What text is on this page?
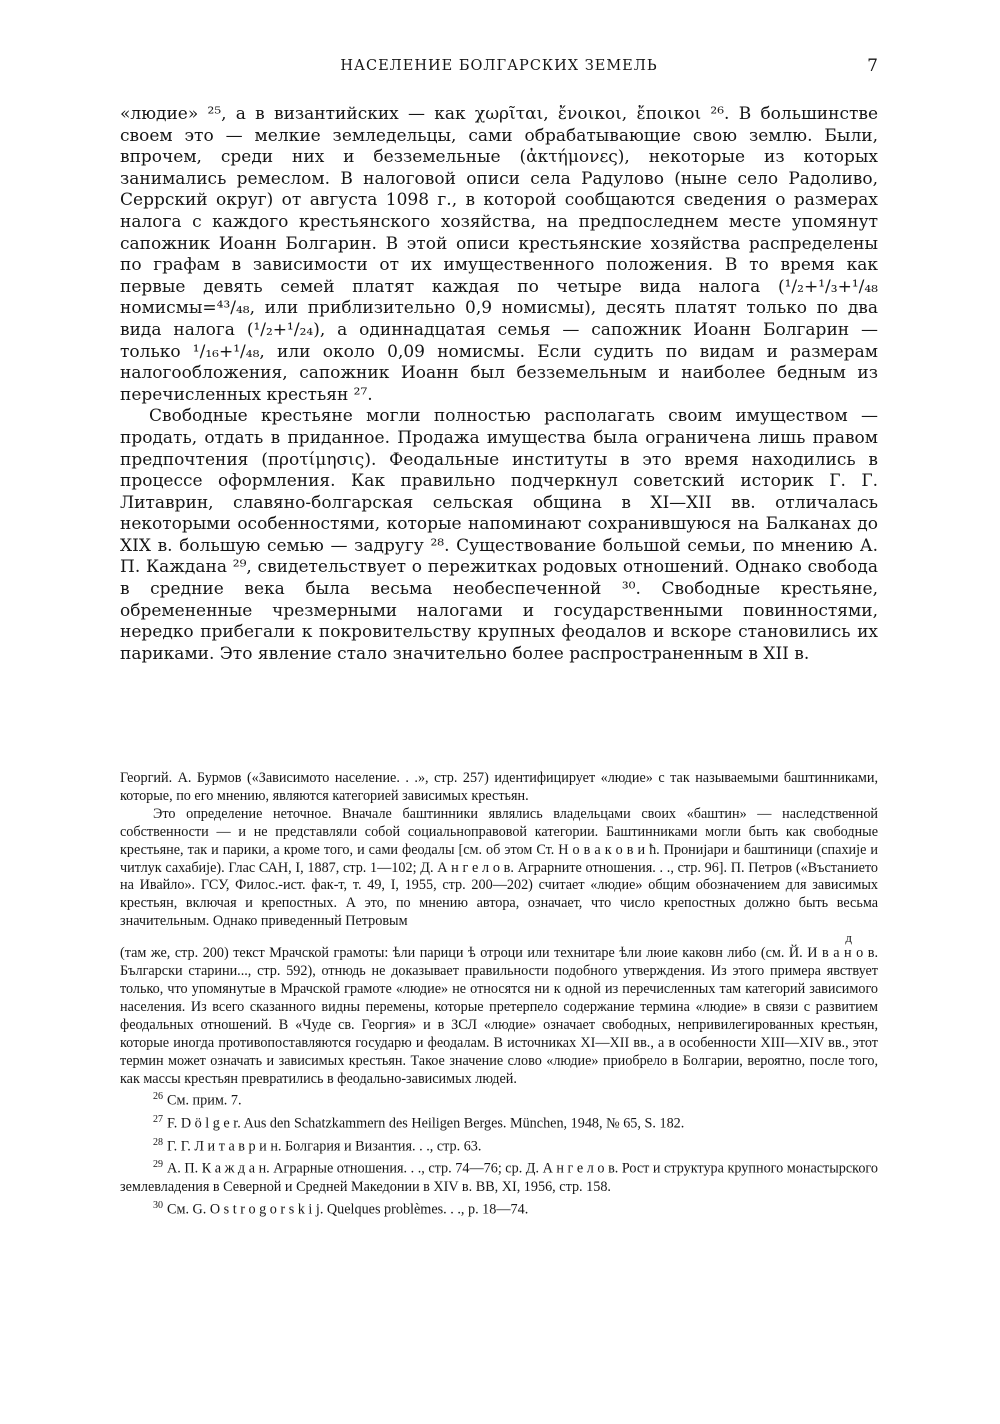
НАСЕЛЕНИЕ БОЛГАРСКИХ ЗЕМЕЛЬ	7

«людие» ²⁵, а в византийских — как χωρῖται, ἔνοικοι, ἔποικοι ²⁶. В большинстве своем это — мелкие земледельцы, сами обрабатывающие свою землю. Были, впрочем, среди них и безземельные (ἀκτήμονες), некоторые из которых занимались ремеслом. В налоговой описи села Радулово (ныне село Радоливо, Серрский округ) от августа 1098 г., в которой сообщаются сведения о размерах налога с каждого крестьянского хозяйства, на предпоследнем месте упомянут сапожник Иоанн Болгарин. В этой описи крестьянские хозяйства распределены по графам в зависимости от их имущественного положения. В то время как первые девять семей платят каждая по четыре вида налога (¹/₂+¹/₃+¹/₄₈ номисмы=⁴³/₄₈, или приблизительно 0,9 номисмы), десять платят только по два вида налога (¹/₂+¹/₂₄), а одиннадцатая семья — сапожник Иоанн Болгарин — только ¹/₁₆+¹/₄₈, или около 0,09 номисмы. Если судить по видам и размерам налогообложения, сапожник Иоанн был безземельным и наиболее бедным из перечисленных крестьян ²⁷.

Свободные крестьяне могли полностью располагать своим имуществом — продать, отдать в приданное. Продажа имущества была ограничена лишь правом предпочтения (προτίμησις). Феодальные институты в это время находились в процессе оформления. Как правильно подчеркнул советский историк Г. Г. Литаврин, славяно-болгарская сельская община в XI—XII вв. отличалась некоторыми особенностями, которые напоминают сохранившуюся на Балканах до XIX в. большую семью — задругу ²⁸. Существование большой семьи, по мнению А. П. Каждана ²⁹, свидетельствует о пережитках родовых отношений. Однако свобода в средние века была весьма необеспеченной ³⁰. Свободные крестьяне, обремененные чрезмерными налогами и государственными повинностями, нередко прибегали к покровительству крупных феодалов и вскоре становились их париками. Это явление стало значительно более распространенным в XII в.

Георгий. А. Бурмов («Зависимото население. . .», стр. 257) идентифицирует «людие» с так называемыми баштинниками, которые, по его мнению, являются категорией зависимых крестьян.

Это определение неточное. Вначале баштинники являлись владельцами своих «баштин» — наследственной собственности — и не представляли собой социальноправовой категории. Баштинниками могли быть как свободные крестьяне, так и парики, а кроме того, и сами феодалы [см. об этом Ст. Н о в а к о в и ћ. Пронијари и баштиници (спахије и читлук сахабије). Глас САН, I, 1887, стр. 1—102; Д. А н г е л о в. Аграрните отношения. . ., стр. 96]. П. Петров («Въстанието на Ивайло». ГСУ, Филос.-ист. фак-т, т. 49, I, 1955, стр. 200—202) считает «людие» общим обозначением для зависимых крестьян, включая и крепостных. А это, по мнению автора, означает, что число крепостных должно быть весьма значительным. Однако приведенный Петровым

д

(там же, стр. 200) текст Мрачской грамоты: ѣли парици ѣ отроци или технитаре ѣли люие каковн либо (см. Й. И в а н о в. Български старини..., стр. 592), отнюдь не доказывает правильности подобного утверждения. Из этого примера явствует только, что упомянутые в Мрачской грамоте «людие» не относятся ни к одной из перечисленных там категорий зависимого населения. Из всего сказанного видны перемены, которые претерпело содержание термина «людие» в связи с развитием феодальных отношений. В «Чуде св. Георгия» и в ЗСЛ «людие» означает свободных, непривилегированных крестьян, которые иногда противопоставляются государю и феодалам. В источниках XI—XII вв., а в особенности XIII—XIV вв., этот термин может означать и зависимых крестьян. Такое значение слово «людие» приобрело в Болгарии, вероятно, после того, как массы крестьян превратились в феодально-зависимых людей.

$^{26}$ См. прим. 7.

$^{27}$ F. D ö l g e r. Aus den Schatzkammern des Heiligen Berges. München, 1948, № 65, S. 182.

$^{28}$ Г. Г. Л и т а в р и н. Болгария и Византия. . ., стр. 63.

$^{29}$ А. П. К а ж д а н. Аграрные отношения. . ., стр. 74—76; ср. Д. А н г е л о в. Рост и структура крупного монастырского землевладения в Северной и Средней Македонии в XIV в. ВВ, XI, 1956, стр. 158.

$^{30}$ См. G. O s t r o g o r s k i j. Quelques problèmes. . ., p. 18—74.
